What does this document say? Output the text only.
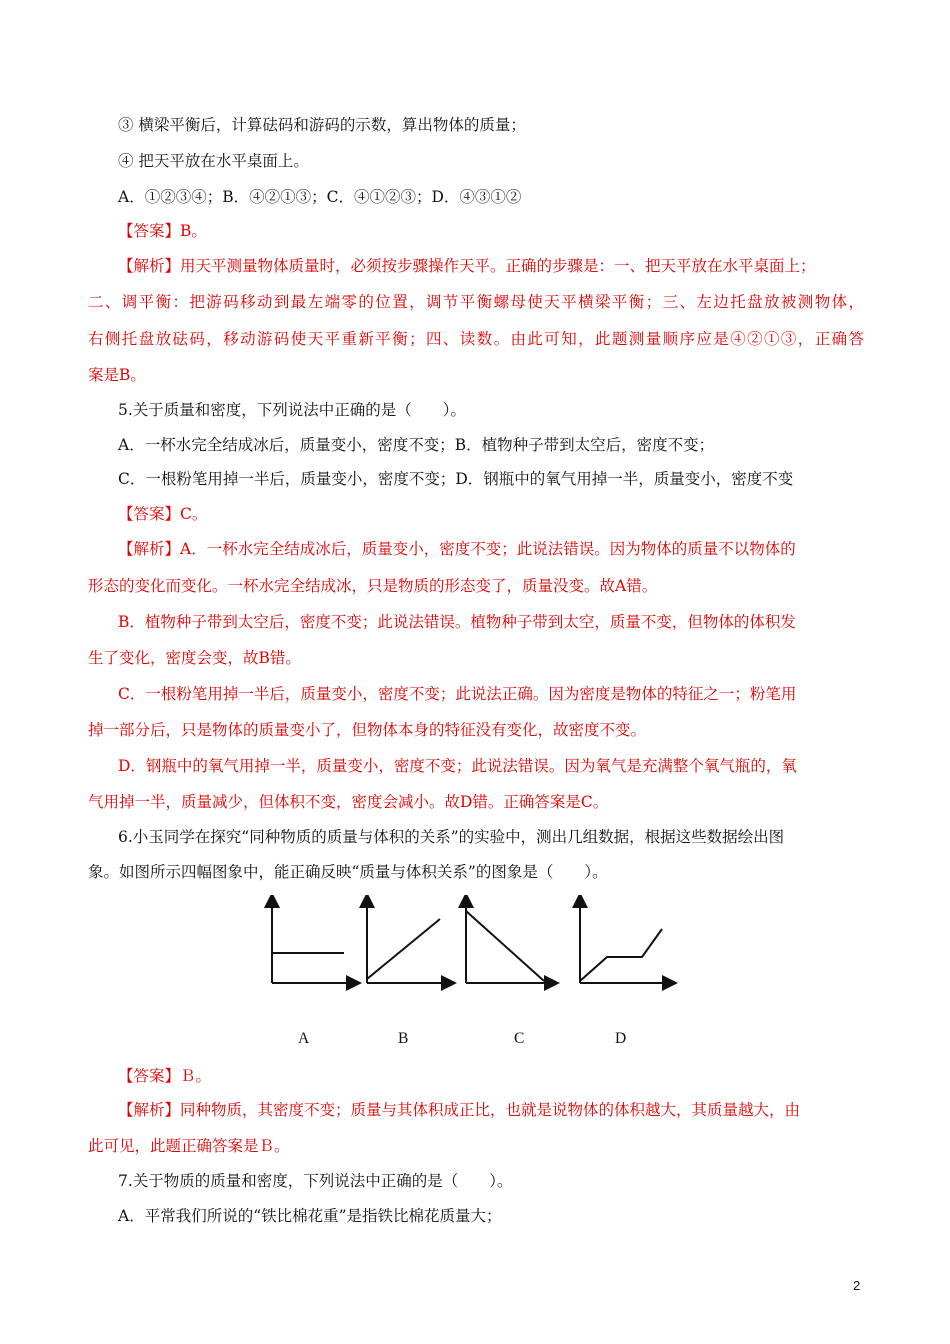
③ 横梁平衡后，计算砝码和游码的示数，算出物体的质量；
④ 把天平放在水平桌面上。
A．①②③④；B．④②①③；C．④①②③；D．④③①②
【答案】B。
【解析】用天平测量物体质量时，必须按步骤操作天平。正确的步骤是：一、把天平放在水平桌面上；
二、调平衡：把游码移动到最左端零的位置，调节平衡螺母使天平横梁平衡；三、左边托盘放被测物体，
右侧托盘放砝码，移动游码使天平重新平衡；四、读数。由此可知，此题测量顺序应是④②①③，正确答
案是B。
5.关于质量和密度，下列说法中正确的是（　　）。
A．一杯水完全结成冰后，质量变小，密度不变；B．植物种子带到太空后，密度不变；
C．一根粉笔用掉一半后，质量变小，密度不变；D．钢瓶中的氧气用掉一半，质量变小，密度不变
【答案】C。
【解析】A．一杯水完全结成冰后，质量变小，密度不变；此说法错误。因为物体的质量不以物体的
形态的变化而变化。一杯水完全结成冰，只是物质的形态变了，质量没变。故A错。
B．植物种子带到太空后，密度不变；此说法错误。植物种子带到太空，质量不变，但物体的体积发
生了变化，密度会变，故B错。
C．一根粉笔用掉一半后，质量变小，密度不变；此说法正确。因为密度是物体的特征之一；粉笔用
掉一部分后，只是物体的质量变小了，但物体本身的特征没有变化，故密度不变。
D．钢瓶中的氧气用掉一半，质量变小，密度不变；此说法错误。因为氧气是充满整个氧气瓶的，氧
气用掉一半，质量减少，但体积不变，密度会减小。故D错。正确答案是C。
6.小玉同学在探究“同种物质的质量与体积的关系”的实验中，测出几组数据，根据这些数据绘出图
象。如图所示四幅图象中，能正确反映“质量与体积关系”的图象是（　　）。
A	B	C	D
【答案】Ｂ。
【解析】同种物质，其密度不变；质量与其体积成正比，也就是说物体的体积越大，其质量越大，由
此可见，此题正确答案是Ｂ。
7.关于物质的质量和密度，下列说法中正确的是（　　）。
A．平常我们所说的“铁比棉花重”是指铁比棉花质量大；
2
